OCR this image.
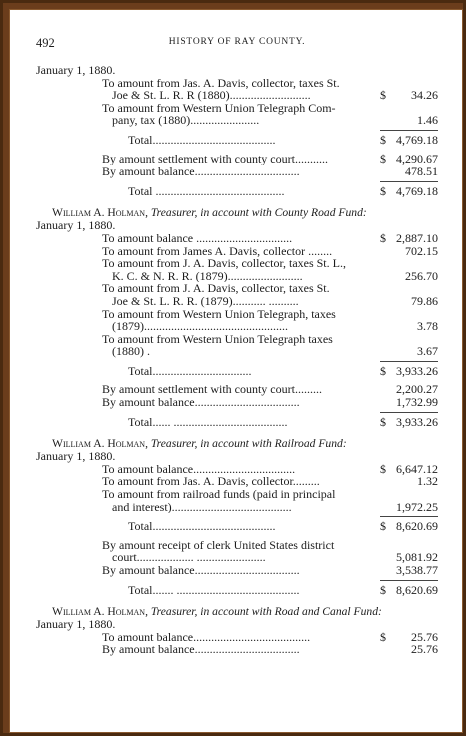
492	HISTORY OF RAY COUNTY.
January 1, 1880.
To amount from Jas. A. Davis, collector, taxes St.
Joe & St. L. R. R (1880)...........................	$ 34.26
To amount from Western Union Telegraph Com-
pany, tax (1880).......................	1.46
Total.........................................	$ 4,769.18
By amount settlement with county court...........	$ 4,290.67
By amount balance...................................	478.51
Total ...........................................	$ 4,769.18
William A. Holman, Treasurer, in account with County Road Fund:
January 1, 1880.
To amount balance ................................	$ 2,887.10
To amount from James A. Davis, collector ........	702.15
To amount from J. A. Davis, collector, taxes St. L.,
K. C. & N. R. R. (1879).........................	256.70
To amount from J. A. Davis, collector, taxes St.
Joe & St. L. R. R. (1879)........... ..........	79.86
To amount from Western Union Telegraph, taxes
(1879)................................................	3.78
To amount from Western Union Telegraph taxes
(1880) .	3.67
Total.................................	$ 3,933.26
By amount settlement with county court.........	2,200.27
By amount balance...................................	1,732.99
Total...... ......................................	$ 3,933.26
William A. Holman, Treasurer, in account with Railroad Fund:
January 1, 1880.
To amount balance..................................	$ 6,647.12
To amount from Jas. A. Davis, collector.........	1.32
To amount from railroad funds (paid in principal
and interest)........................................	1,972.25
Total.........................................	$ 8,620.69
By amount receipt of clerk United States district
court................... .......................	5,081.92
By amount balance...................................	3,538.77
Total....... .........................................	$ 8,620.69
William A. Holman, Treasurer, in account with Road and Canal Fund:
January 1, 1880.
To amount balance.......................................	$ 25.76
By amount balance...................................	25.76
